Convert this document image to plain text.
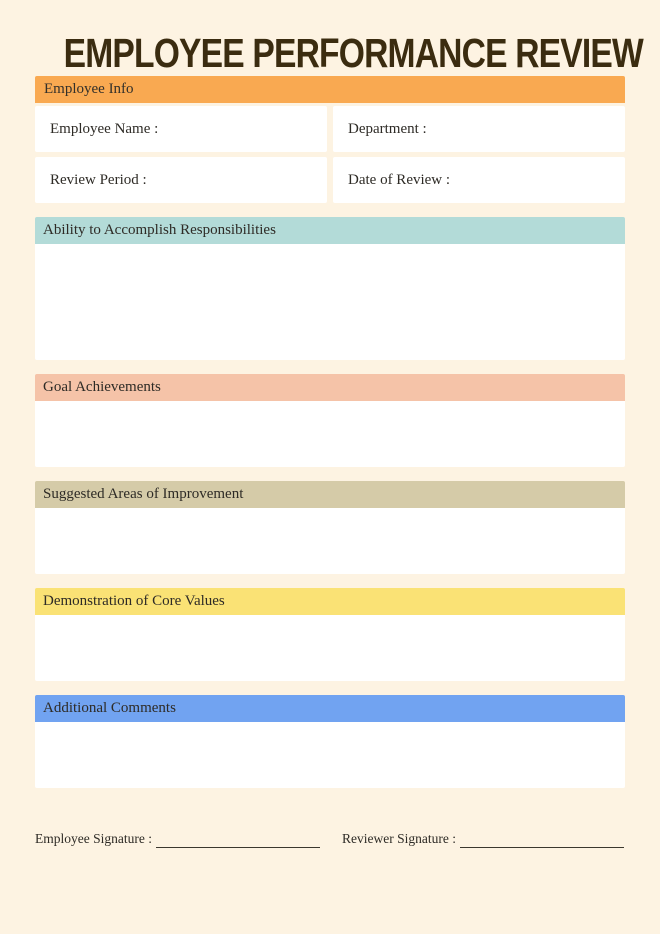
EMPLOYEE PERFORMANCE REVIEW
Employee Info
Employee Name :	Department :
Review Period :	Date of Review :
Ability to Accomplish Responsibilities
Goal Achievements
Suggested Areas of Improvement
Demonstration of Core Values
Additional Comments
Employee Signature :	Reviewer Signature :
